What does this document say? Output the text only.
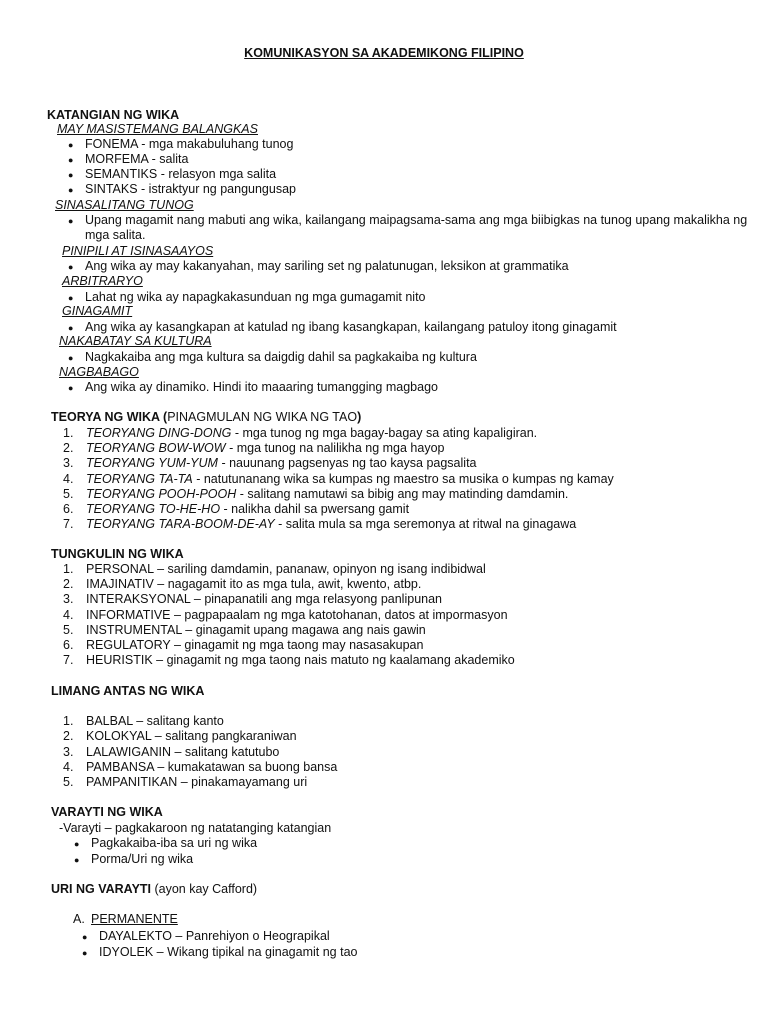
KOMUNIKASYON SA AKADEMIKONG FILIPINO
KATANGIAN NG WIKA
MAY MASISTEMANG BALANGKAS
● FONEMA - mga makabuluhang tunog
● MORFEMA - salita
● SEMANTIKS - relasyon mga salita
● SINTAKS - istraktyur ng pangungusap
SINASALITANG TUNOG
● Upang magamit nang mabuti ang wika, kailangang maipagsama-sama ang mga biibigkas na tunog upang makalikha ng
mga salita.
PINIPILI AT ISINASAAYOS
● Ang wika ay may kakanyahan, may sariling set ng palatunugan, leksikon at grammatika
ARBITRARYO
● Lahat ng wika ay napagkakasunduan ng mga gumagamit nito
GINAGAMIT
● Ang wika ay kasangkapan at katulad ng ibang kasangkapan, kailangang patuloy itong ginagamit
NAKABATAY SA KULTURA
● Nagkakaiba ang mga kultura sa daigdig dahil sa pagkakaiba ng kultura
NAGBABAGO
● Ang wika ay dinamiko. Hindi ito maaaring tumangging magbago
TEORYA NG WIKA (PINAGMULAN NG WIKA NG TAO)
TUNGKULIN NG WIKA
LIMANG ANTAS NG WIKA
VARAYTI NG WIKA
-Varayti – pagkakaroon ng natatanging katangian
● Pagkakaiba-iba sa uri ng wika
● Porma/Uri ng wika
URI NG VARAYTI (ayon kay Cafford)
A. PERMANENTE
● DAYALEKTO – Panrehiyon o Heograpikal
● IDYOLEK – Wikang tipikal na ginagamit ng tao
1. TEORYANG DING-DONG - mga tunog ng mga bagay-bagay sa ating kapaligiran.
2. TEORYANG BOW-WOW - mga tunog na nalilikha ng mga hayop
3. TEORYANG YUM-YUM - nauunang pagsenyas ng tao kaysa pagsalita
4. TEORYANG TA-TA - natutunanang wika sa kumpas ng maestro sa musika o kumpas ng kamay
5. TEORYANG POOH-POOH - salitang namutawi sa bibig ang may matinding damdamin.
6. TEORYANG TO-HE-HO - nalikha dahil sa pwersang gamit
7. TEORYANG TARA-BOOM-DE-AY - salita mula sa mga seremonya at ritwal na ginagawa
1. PERSONAL – sariling damdamin, pananaw, opinyon ng isang indibidwal
2. IMAJINATIV – nagagamit ito as mga tula, awit, kwento, atbp.
3. INTERAKSYONAL – pinapanatili ang mga relasyong panlipunan
4. INFORMATIVE – pagpapaalam ng mga katotohanan, datos at impormasyon
5. INSTRUMENTAL – ginagamit upang magawa ang nais gawin
6. REGULATORY – ginagamit ng mga taong may nasasakupan
7. HEURISTIK – ginagamit ng mga taong nais matuto ng kaalamang akademiko
1. BALBAL – salitang kanto
2. KOLOKYAL – salitang pangkaraniwan
3. LALAWIGANIN – salitang katutubo
4. PAMBANSA – kumakatawan sa buong bansa
5. PAMPANITIKAN – pinakamayamang uri
